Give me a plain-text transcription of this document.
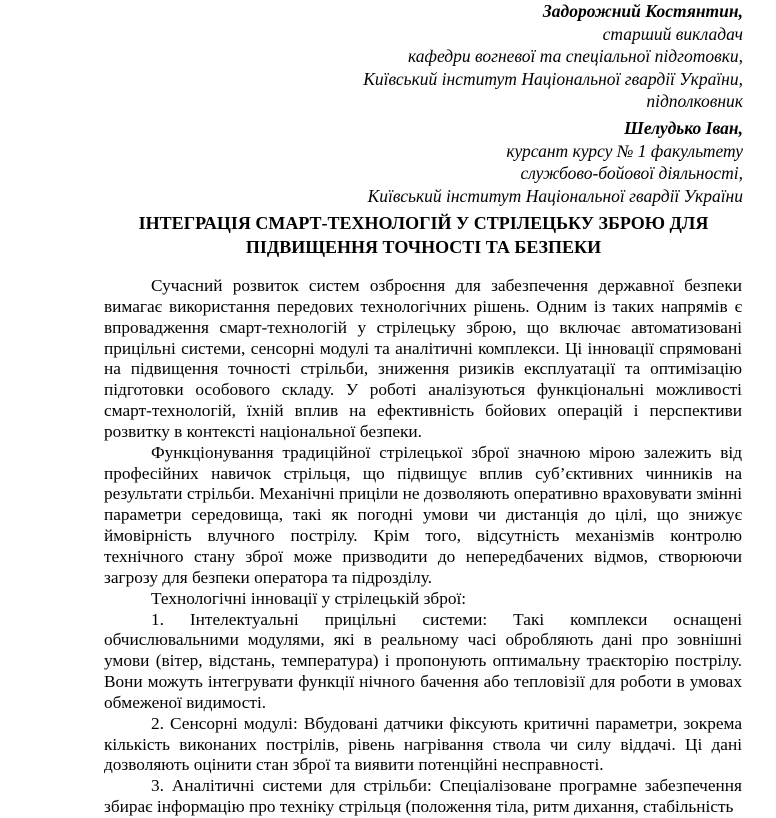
Задорожний Костянтин,
старший викладач
кафедри вогневої та спеціальної підготовки,
Київський інститут Національної гвардії України,
підполковник
Шелудько Іван,
курсант курсу № 1 факультету
службово-бойової діяльності,
Київський інститут Національної гвардії України
ІНТЕГРАЦІЯ СМАРТ-ТЕХНОЛОГІЙ У СТРІЛЕЦЬКУ ЗБРОЮ ДЛЯ
ПІДВИЩЕННЯ ТОЧНОСТІ ТА БЕЗПЕКИ

Сучасний розвиток систем озброєння для забезпечення державної безпеки вимагає використання передових технологічних рішень. Одним із таких напрямів є впровадження смарт-технологій у стрілецьку зброю, що включає автоматизовані прицільні системи, сенсорні модулі та аналітичні комплекси. Ці інновації спрямовані на підвищення точності стрільби, зниження ризиків експлуатації та оптимізацію підготовки особового складу. У роботі аналізуються функціональні можливості смарт-технологій, їхній вплив на ефективність бойових операцій і перспективи розвитку в контексті національної безпеки.

Функціонування традиційної стрілецької зброї значною мірою залежить від професійних навичок стрільця, що підвищує вплив суб’єктивних чинників на результати стрільби. Механічні приціли не дозволяють оперативно враховувати змінні параметри середовища, такі як погодні умови чи дистанція до цілі, що знижує ймовірність влучного пострілу. Крім того, відсутність механізмів контролю технічного стану зброї може призводити до непередбачених відмов, створюючи загрозу для безпеки оператора та підрозділу.

Технологічні інновації у стрілецькій зброї:

1. Інтелектуальні прицільні системи: Такі комплекси оснащені обчислювальними модулями, які в реальному часі обробляють дані про зовнішні умови (вітер, відстань, температура) і пропонують оптимальну траєкторію пострілу. Вони можуть інтегрувати функції нічного бачення або тепловізії для роботи в умовах обмеженої видимості.

2. Сенсорні модулі: Вбудовані датчики фіксують критичні параметри, зокрема кількість виконаних пострілів, рівень нагрівання ствола чи силу віддачі. Ці дані дозволяють оцінити стан зброї та виявити потенційні несправності.

3. Аналітичні системи для стрільби: Спеціалізоване програмне забезпечення збирає інформацію про техніку стрільця (положення тіла, ритм дихання, стабільність
